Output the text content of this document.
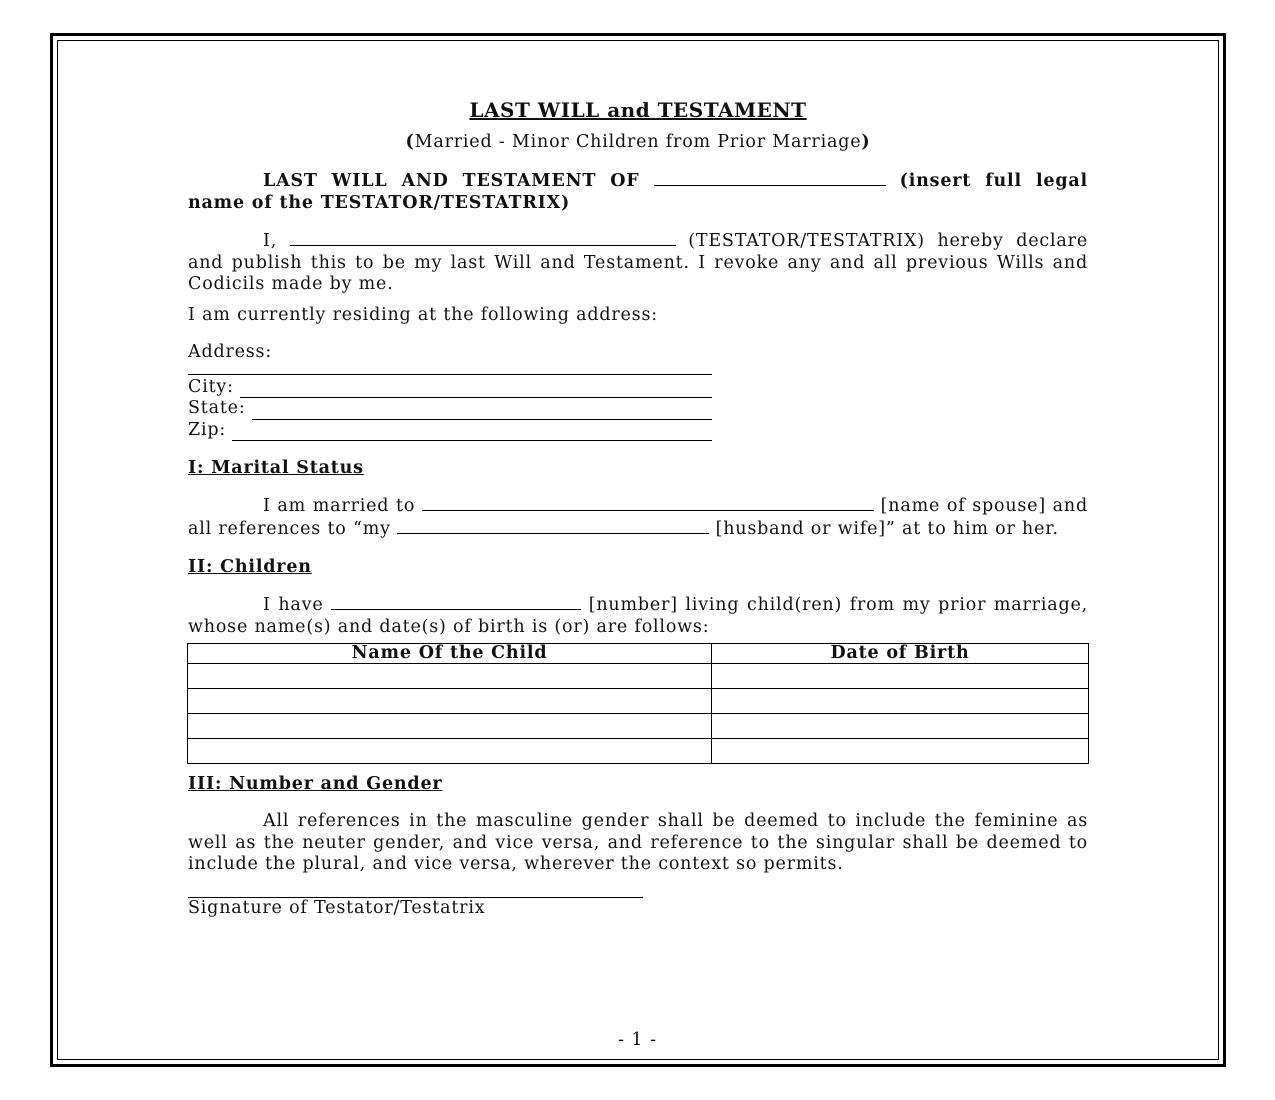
LAST WILL and TESTAMENT
(Married - Minor Children from Prior Marriage)
LAST WILL AND TESTAMENT OF	(insert full legal name of the TESTATOR/TESTATRIX)

I,	(TESTATOR/TESTATRIX) hereby declare and publish this to be my last Will and Testament. I revoke any and all previous Wills and Codicils made by me.

I am currently residing at the following address:

Address:

City:
State:
Zip:
I: Marital Status

I am married to	[name of spouse] and all references to “my	[husband or wife]” at to him or her.

II: Children

I have	[number] living child(ren) from my prior marriage, whose name(s) and date(s) of birth is (or) are follows:

Name Of the Child	Date of Birth

III: Number and Gender

All references in the masculine gender shall be deemed to include the feminine as well as the neuter gender, and vice versa, and reference to the singular shall be deemed to include the plural, and vice versa, wherever the context so permits.

Signature of Testator/Testatrix

- 1 -
